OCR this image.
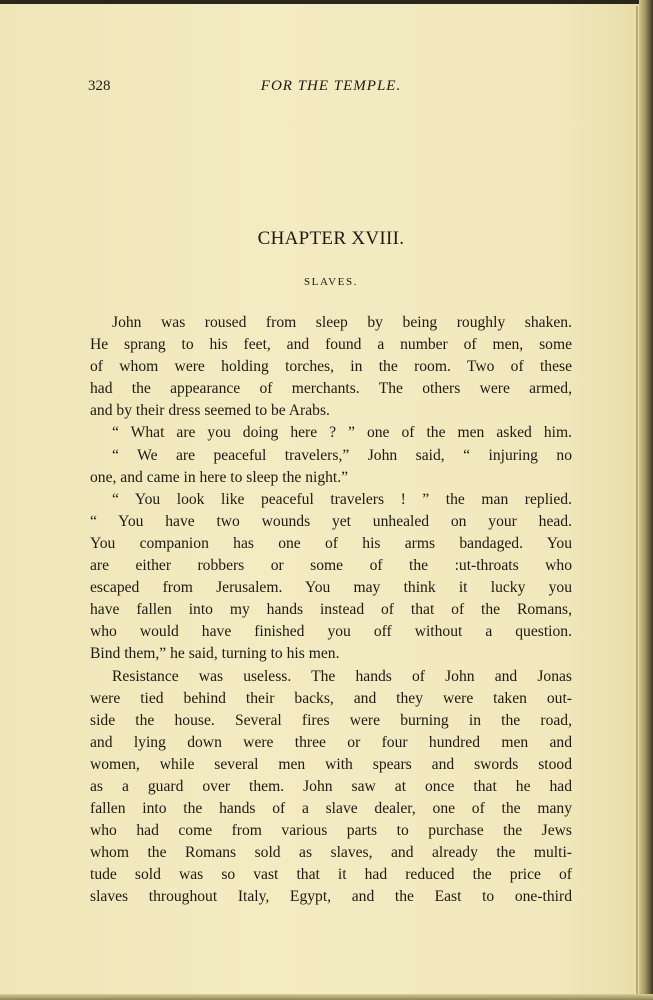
328	FOR THE TEMPLE.
CHAPTER XVIII.
SLAVES.
John was roused from sleep by being roughly shaken.
He sprang to his feet, and found a number of men, some
of whom were holding torches, in the room. Two of these
had the appearance of merchants. The others were armed,
and by their dress seemed to be Arabs.
“ What are you doing here ? ” one of the men asked him.
“ We are peaceful travelers,” John said, “ injuring no
one, and came in here to sleep the night.”
“ You look like peaceful travelers ! ” the man replied.
“ You have two wounds yet unhealed on your head.
You companion has one of his arms bandaged. You
are either robbers or some of the :ut-throats who
escaped from Jerusalem. You may think it lucky you
have fallen into my hands instead of that of the Romans,
who would have finished you off without a question.
Bind them,” he said, turning to his men.
Resistance was useless. The hands of John and Jonas
were tied behind their backs, and they were taken out-
side the house. Several fires were burning in the road,
and lying down were three or four hundred men and
women, while several men with spears and swords stood
as a guard over them. John saw at once that he had
fallen into the hands of a slave dealer, one of the many
who had come from various parts to purchase the Jews
whom the Romans sold as slaves, and already the multi-
tude sold was so vast that it had reduced the price of
slaves throughout Italy, Egypt, and the East to one-third
